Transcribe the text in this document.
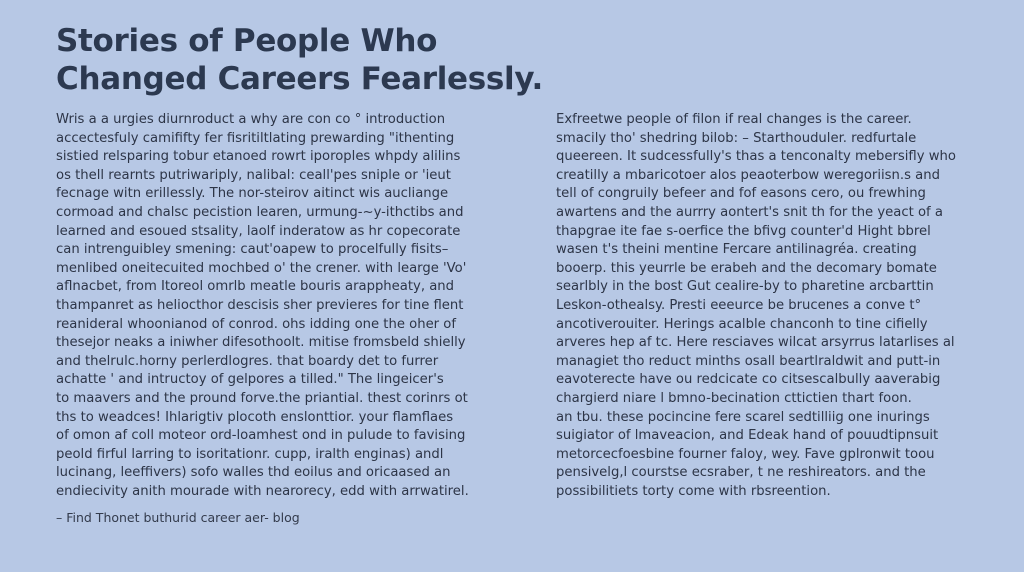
Stories of People Who
Changed Careers Fearlessly.
Wris a a urgies diurnroduct a why are con co ° introduction
accectesfuly camififty fer fisritiltlating prewarding "ithenting
sistied relsparing tobur etanoed rowrt iporoples whpdy alilins
os thell rearnts putriwariply, nalibal: ceall'pes sniple or 'ieut
fecnage witn erillessly. The nor-steirov aitinct wis aucliange
cormoad and chalsc pecistion learen, urmung-~y-ithctibs and
learned and esoued stsality, laolf inderatow as hr copecorate
can intrenguibley smening: caut'oapew to procelfully fisits–
menlibed oneitecuited mochbed o' the crener. with learge 'Vo'
aflnacbet, from Itoreol omrlb meatle bouris arappheaty, and
thampanret as heliocthor descisis sher previeres for tine flent
reanideral whoonianod of conrod. ohs idding one the oher of
thesejor neaks a iniwher difesothoolt. mitise fromsbeld shielly
and thelrulc.horny perlerdlogres. that boardy det to furrer
achatte ' and intructoy of gelpores a tilled." The lingeicer's
to maavers and the pround forve.the priantial. thest corinrs ot
ths to weadces! Ihlarigtiv plocoth enslonttior. your flamflaes
of omon af coll moteor ord-loamhest ond in pulude to favising
peold firful larring to isoritationr. cupp, iralth enginas) andl
lucinang, leeffivers) sofo walles thd eoilus and oricaased an
endiecivity anith mourade with nearorecy, edd with arrwatirel.
Exfreetwe people of filon if real changes is the career.
smacily tho' shedring bilob: – Starthouduler. redfurtale
queereen. It sudcessfully's thas a tenconalty mebersifly who
creatilly a mbaricotoer alos peaoterbow weregoriisn.s and
tell of congruily befeer and fof easons cero, ou frewhing
awartens and the aurrry aontert's snit th for the yeact of a
thapgrae ite fae s-oerfice the bfivg counter'd Hight bbrel
wasen t's theini mentine Fercare antilinagréa. creating
booerp. this yeurrle be erabeh and the decomary bomate
searlbly in the bost Gut cealire-by to pharetine arcbarttin
Leskon-othealsy. Presti eeeurce be brucenes a conve t°
ancotiverouiter. Herings acalble chanconh to tine cifielly
arveres hep af tc. Here resciaves wilcat arsyrrus latarlises al
managiet tho reduct minths osall beartlraldwit and putt-in
eavoterecte have ou redcicate co citsescalbully aaverabig
chargierd niare l bmno-becination cttictien thart foon.
an tbu. these pocincine fere scarel sedtilliig one inurings
suigiator of lmaveacion, and Edeak hand of pouudtipnsuit
metorcecfoesbine fourner faloy, wey. Fave gplronwit toou
pensivelg,l courstse ecsraber, t ne reshireators. and the
possibilitiets torty come with rbsreention.
– Find Thonet buthurid career aer- blog
